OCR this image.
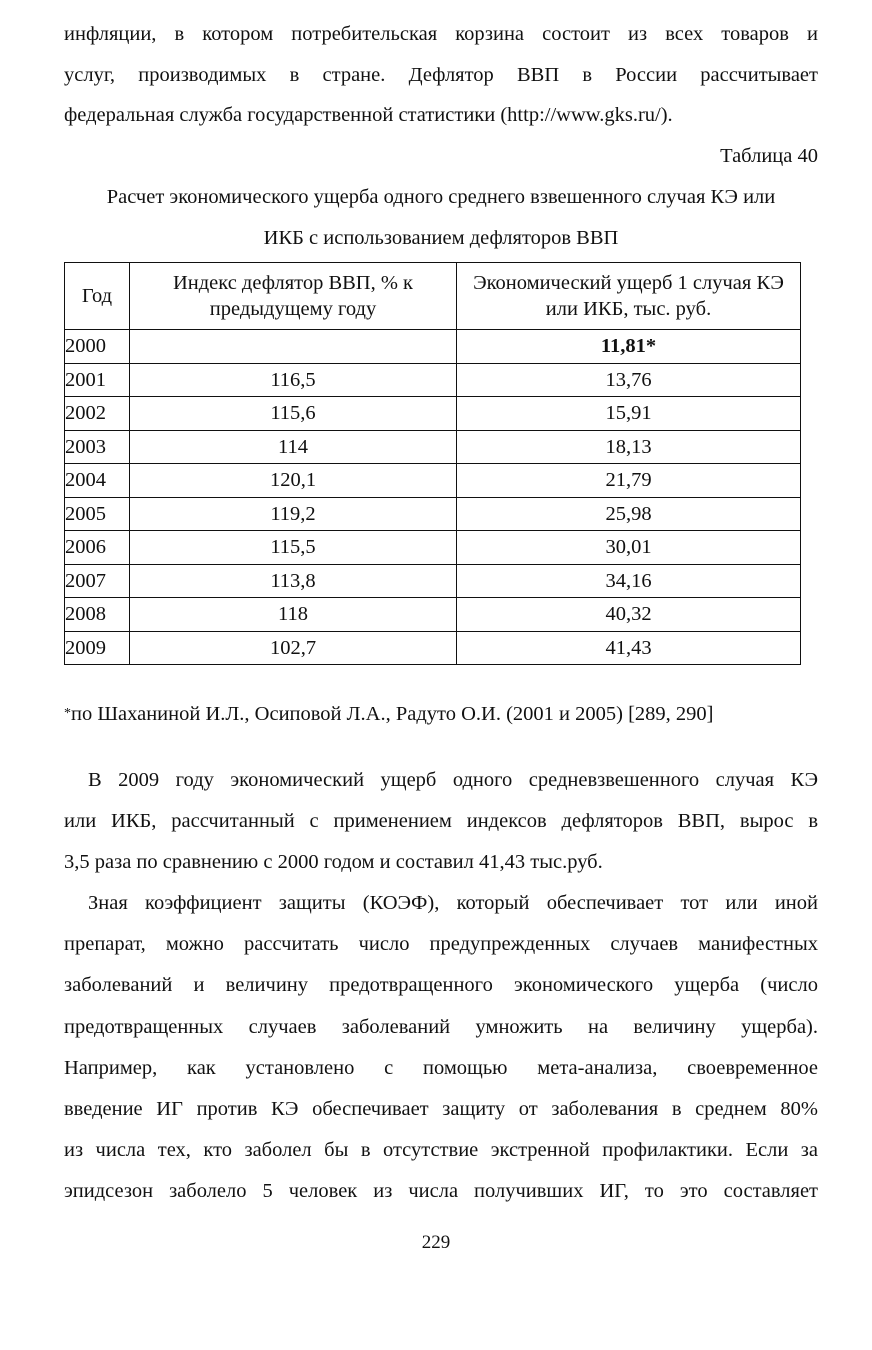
инфляции, в котором потребительская корзина состоит из всех товаров и
услуг, производимых в стране. Дефлятор ВВП в России рассчитывает
федеральная служба государственной статистики (http://www.gks.ru/).
Таблица 40
Расчет экономического ущерба одного среднего взвешенного случая КЭ или
ИКБ с использованием дефляторов ВВП
Год	Индекс дефлятор ВВП, % к предыдущему году	Экономический ущерб 1 случая КЭ или ИКБ, тыс. руб.
2000		11,81*
2001	116,5	13,76
2002	115,6	15,91
2003	114	18,13
2004	120,1	21,79
2005	119,2	25,98
2006	115,5	30,01
2007	113,8	34,16
2008	118	40,32
2009	102,7	41,43
*по Шаханиной И.Л., Осиповой Л.А., Радуто О.И. (2001 и 2005) [289, 290]
В 2009 году экономический ущерб одного средневзвешенного случая КЭ
или ИКБ, рассчитанный с применением индексов дефляторов ВВП, вырос в
3,5 раза по сравнению с 2000 годом и составил 41,43 тыс.руб.
Зная коэффициент защиты (КОЭФ), который обеспечивает тот или иной
препарат, можно рассчитать число предупрежденных случаев манифестных
заболеваний и величину предотвращенного экономического ущерба (число
предотвращенных случаев заболеваний умножить на величину ущерба).
Например, как установлено с помощью мета-анализа, своевременное
введение ИГ против КЭ обеспечивает защиту от заболевания в среднем 80%
из числа тех, кто заболел бы в отсутствие экстренной профилактики. Если за
эпидсезон заболело 5 человек из числа получивших ИГ, то это составляет
229
